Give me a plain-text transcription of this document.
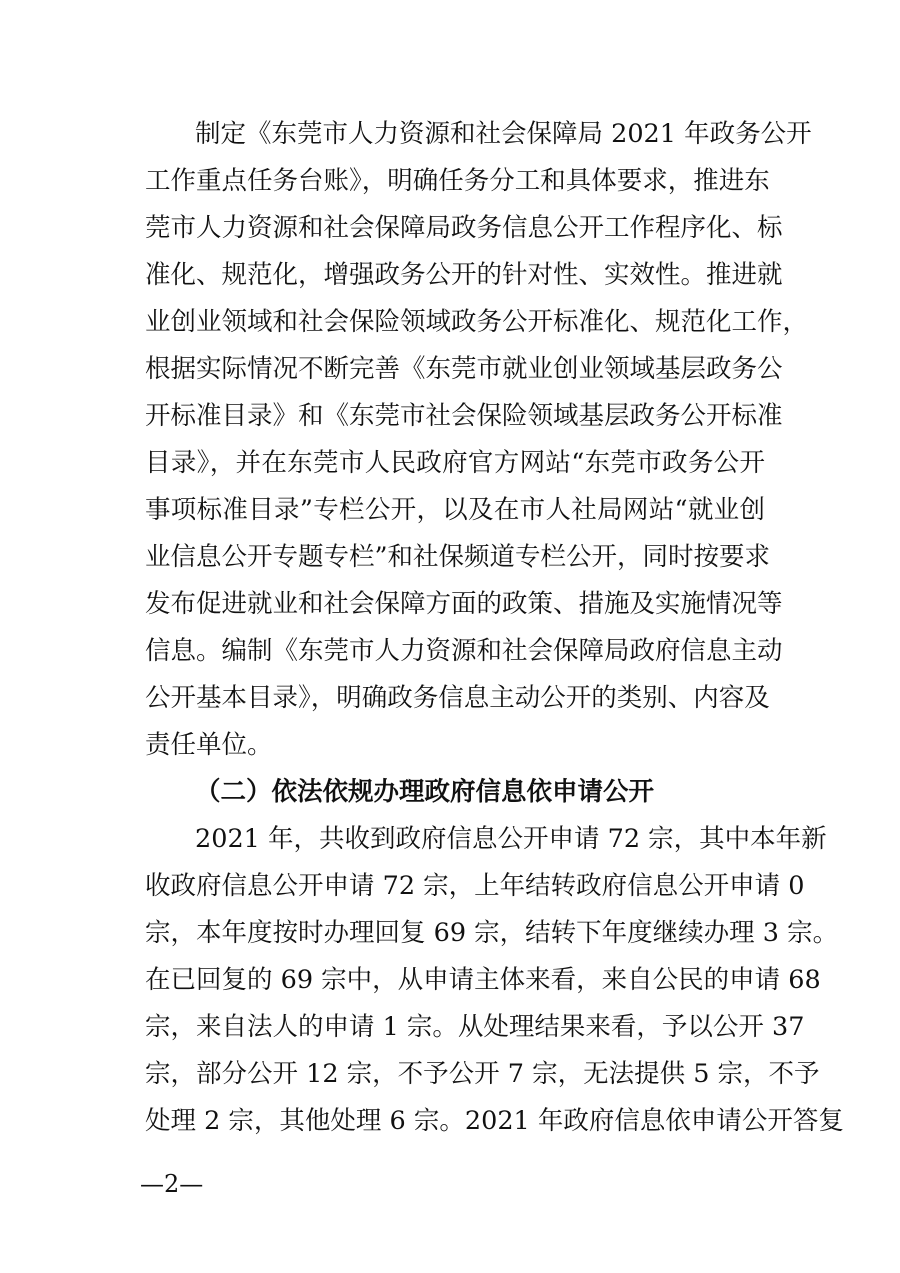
制定《东莞市人力资源和社会保障局 2021 年政务公开
工作重点任务台账》，明确任务分工和具体要求，推进东
莞市人力资源和社会保障局政务信息公开工作程序化、标
准化、规范化，增强政务公开的针对性、实效性。推进就
业创业领域和社会保险领域政务公开标准化、规范化工作，
根据实际情况不断完善《东莞市就业创业领域基层政务公
开标准目录》和《东莞市社会保险领域基层政务公开标准
目录》，并在东莞市人民政府官方网站“东莞市政务公开
事项标准目录”专栏公开，以及在市人社局网站“就业创
业信息公开专题专栏”和社保频道专栏公开，同时按要求
发布促进就业和社会保障方面的政策、措施及实施情况等
信息。编制《东莞市人力资源和社会保障局政府信息主动
公开基本目录》，明确政务信息主动公开的类别、内容及
责任单位。
（二）依法依规办理政府信息依申请公开
2021 年，共收到政府信息公开申请 72 宗，其中本年新
收政府信息公开申请 72 宗，上年结转政府信息公开申请 0
宗，本年度按时办理回复 69 宗，结转下年度继续办理 3 宗。
在已回复的 69 宗中，从申请主体来看，来自公民的申请 68
宗，来自法人的申请 1 宗。从处理结果来看，予以公开 37
宗，部分公开 12 宗，不予公开 7 宗，无法提供 5 宗，不予
处理 2 宗，其他处理 6 宗。2021 年政府信息依申请公开答复
—2—
